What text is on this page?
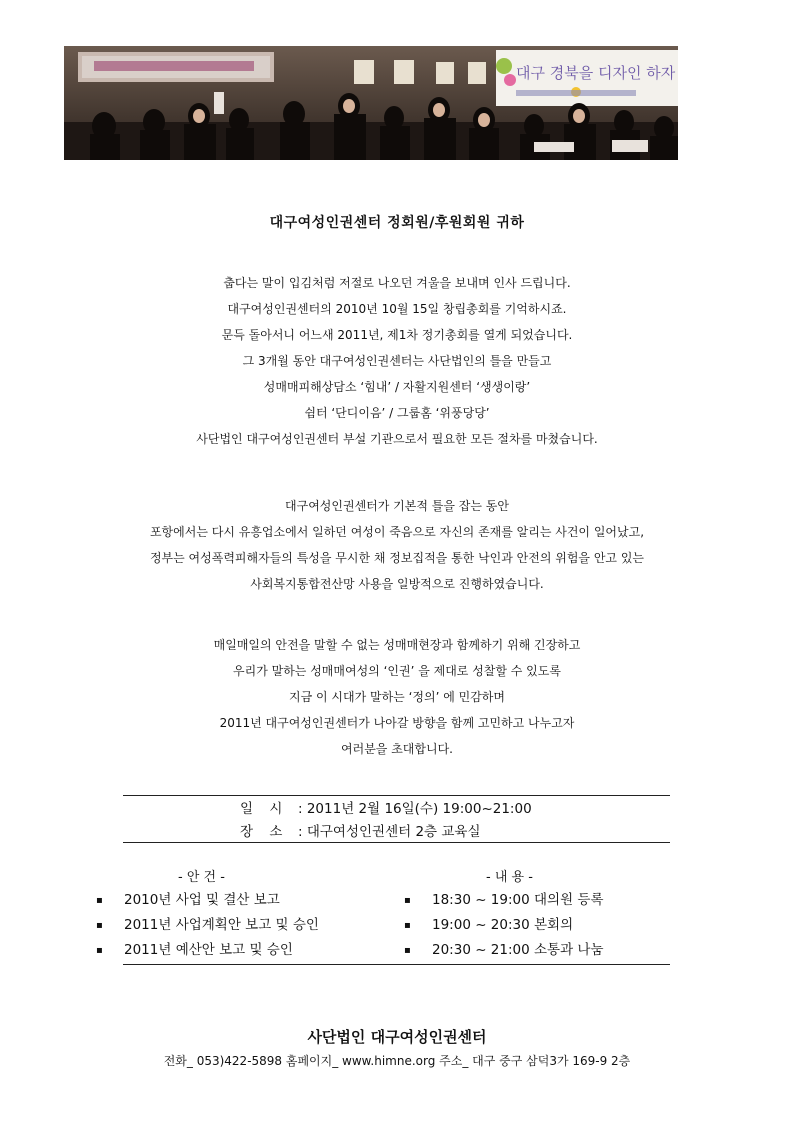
대구 경북을 디자인 하자
대구여성인권센터 정회원/후원회원 귀하
춥다는 말이 입김처럼 저절로 나오던 겨울을 보내며 인사 드립니다.
대구여성인권센터의 2010년 10월 15일 창립총회를 기억하시죠.
문득 돌아서니 어느새 2011년, 제1차 정기총회를 열게 되었습니다.
그 3개월 동안 대구여성인권센터는 사단법인의 틀을 만들고
성매매피해상담소 ‘힘내’ / 자활지원센터 ‘생생이랑’
쉼터 ‘단디이음’ / 그룹홈 ‘위풍당당’
사단법인 대구여성인권센터 부설 기관으로서 필요한 모든 절차를 마쳤습니다.
대구여성인권센터가 기본적 틀을 잡는 동안
포항에서는 다시 유흥업소에서 일하던 여성이 죽음으로 자신의 존재를 알리는 사건이 일어났고,
정부는 여성폭력피해자들의 특성을 무시한 채 정보집적을 통한 낙인과 안전의 위험을 안고 있는
사회복지통합전산망 사용을 일방적으로 진행하였습니다.
매일매일의 안전을 말할 수 없는 성매매현장과 함께하기 위해 긴장하고
우리가 말하는 성매매여성의 ‘인권’ 을 제대로 성찰할 수 있도록
지금 이 시대가 말하는 ‘정의’ 에 민감하며
2011년 대구여성인권센터가 나아갈 방향을 함께 고민하고 나누고자
여러분을 초대합니다.
일 시 : 2011년 2월 16일(수) 19:00~21:00
장 소 : 대구여성인권센터 2층 교육실
- 안 건 -	- 내 용 -
▪ 2010년 사업 및 결산 보고
▪ 2011년 사업계획안 보고 및 승인
▪ 2011년 예산안 보고 및 승인
▪ 18:30 ~ 19:00 대의원 등록
▪ 19:00 ~ 20:30 본회의
▪ 20:30 ~ 21:00 소통과 나눔
사단법인 대구여성인권센터
전화_ 053)422-5898 홈페이지_ www.himne.org 주소_ 대구 중구 삼덕3가 169-9 2층
